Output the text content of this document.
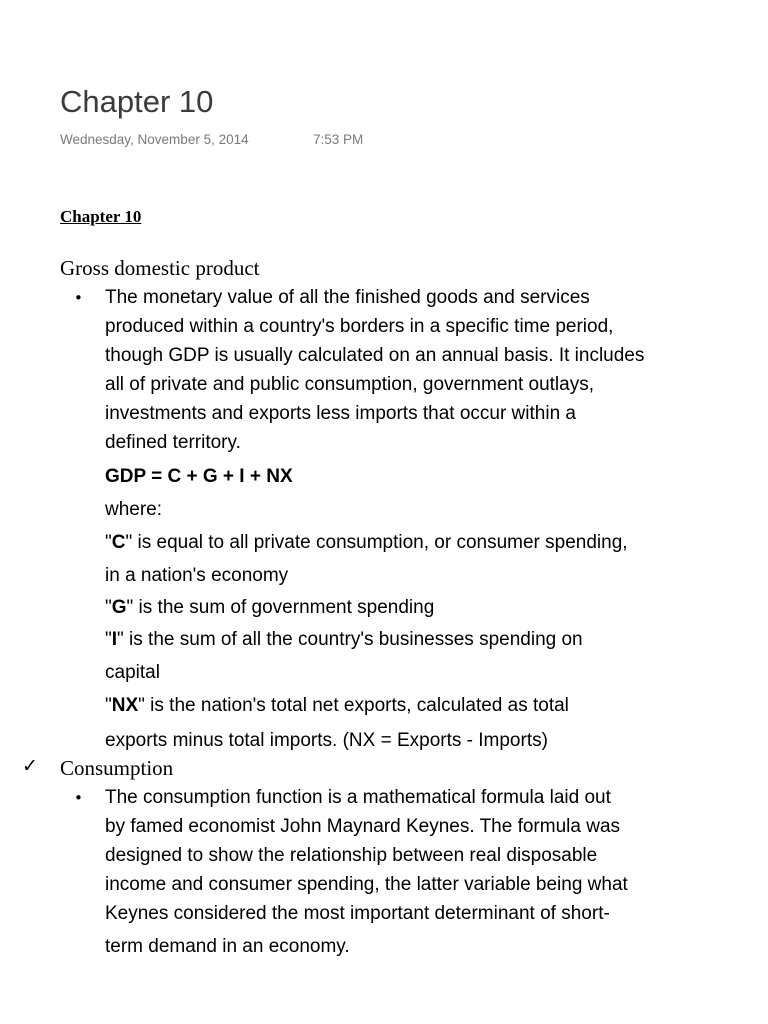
Chapter 10
Wednesday, November 5, 2014	7:53 PM
Chapter 10
Gross domestic product
• The monetary value of all the finished goods and services
produced within a country's borders in a specific time period,
though GDP is usually calculated on an annual basis. It includes
all of private and public consumption, government outlays,
investments and exports less imports that occur within a
defined territory.
GDP = C + G + I + NX
where:
"C" is equal to all private consumption, or consumer spending,
in a nation's economy
"G" is the sum of government spending
"I" is the sum of all the country's businesses spending on
capital
"NX" is the nation's total net exports, calculated as total
exports minus total imports. (NX = Exports - Imports)
✓ Consumption
• The consumption function is a mathematical formula laid out
by famed economist John Maynard Keynes. The formula was
designed to show the relationship between real disposable
income and consumer spending, the latter variable being what
Keynes considered the most important determinant of short-
term demand in an economy.
